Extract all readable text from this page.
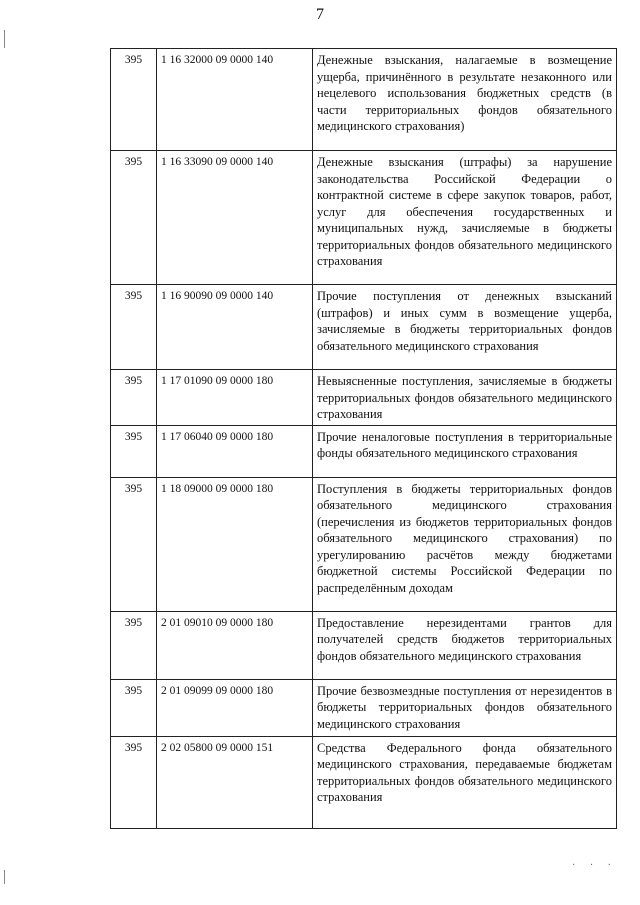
7
395	1 16 32000 09 0000 140	Денежные взыскания, налагаемые в возмещение ущерба, причинённого в результате незаконного или нецелевого использования бюджетных средств (в части территориальных фондов обязательного медицинского страхования)
395	1 16 33090 09 0000 140	Денежные взыскания (штрафы) за нарушение законодательства Российской Федерации о контрактной системе в сфере закупок товаров, работ, услуг для обеспечения государственных и муниципальных нужд, зачисляемые в бюджеты территориальных фондов обязательного медицинского страхования
395	1 16 90090 09 0000 140	Прочие поступления от денежных взысканий (штрафов) и иных сумм в возмещение ущерба, зачисляемые в бюджеты территориальных фондов обязательного медицинского страхования
395	1 17 01090 09 0000 180	Невыясненные поступления, зачисляемые в бюджеты территориальных фондов обязательного медицинского страхования
395	1 17 06040 09 0000 180	Прочие неналоговые поступления в территориальные фонды обязательного медицинского страхования
395	1 18 09000 09 0000 180	Поступления в бюджеты территориальных фондов обязательного медицинского страхования (перечисления из бюджетов территориальных фондов обязательного медицинского страхования) по урегулированию расчётов между бюджетами бюджетной системы Российской Федерации по распределённым доходам
395	2 01 09010 09 0000 180	Предоставление нерезидентами грантов для получателей средств бюджетов территориальных фондов обязательного медицинского страхования
395	2 01 09099 09 0000 180	Прочие безвозмездные поступления от нерезидентов в бюджеты территориальных фондов обязательного медицинского страхования
395	2 02 05800 09 0000 151	Средства Федерального фонда обязательного медицинского страхования, передаваемые бюджетам территориальных фондов обязательного медицинского страхования
· · ·
